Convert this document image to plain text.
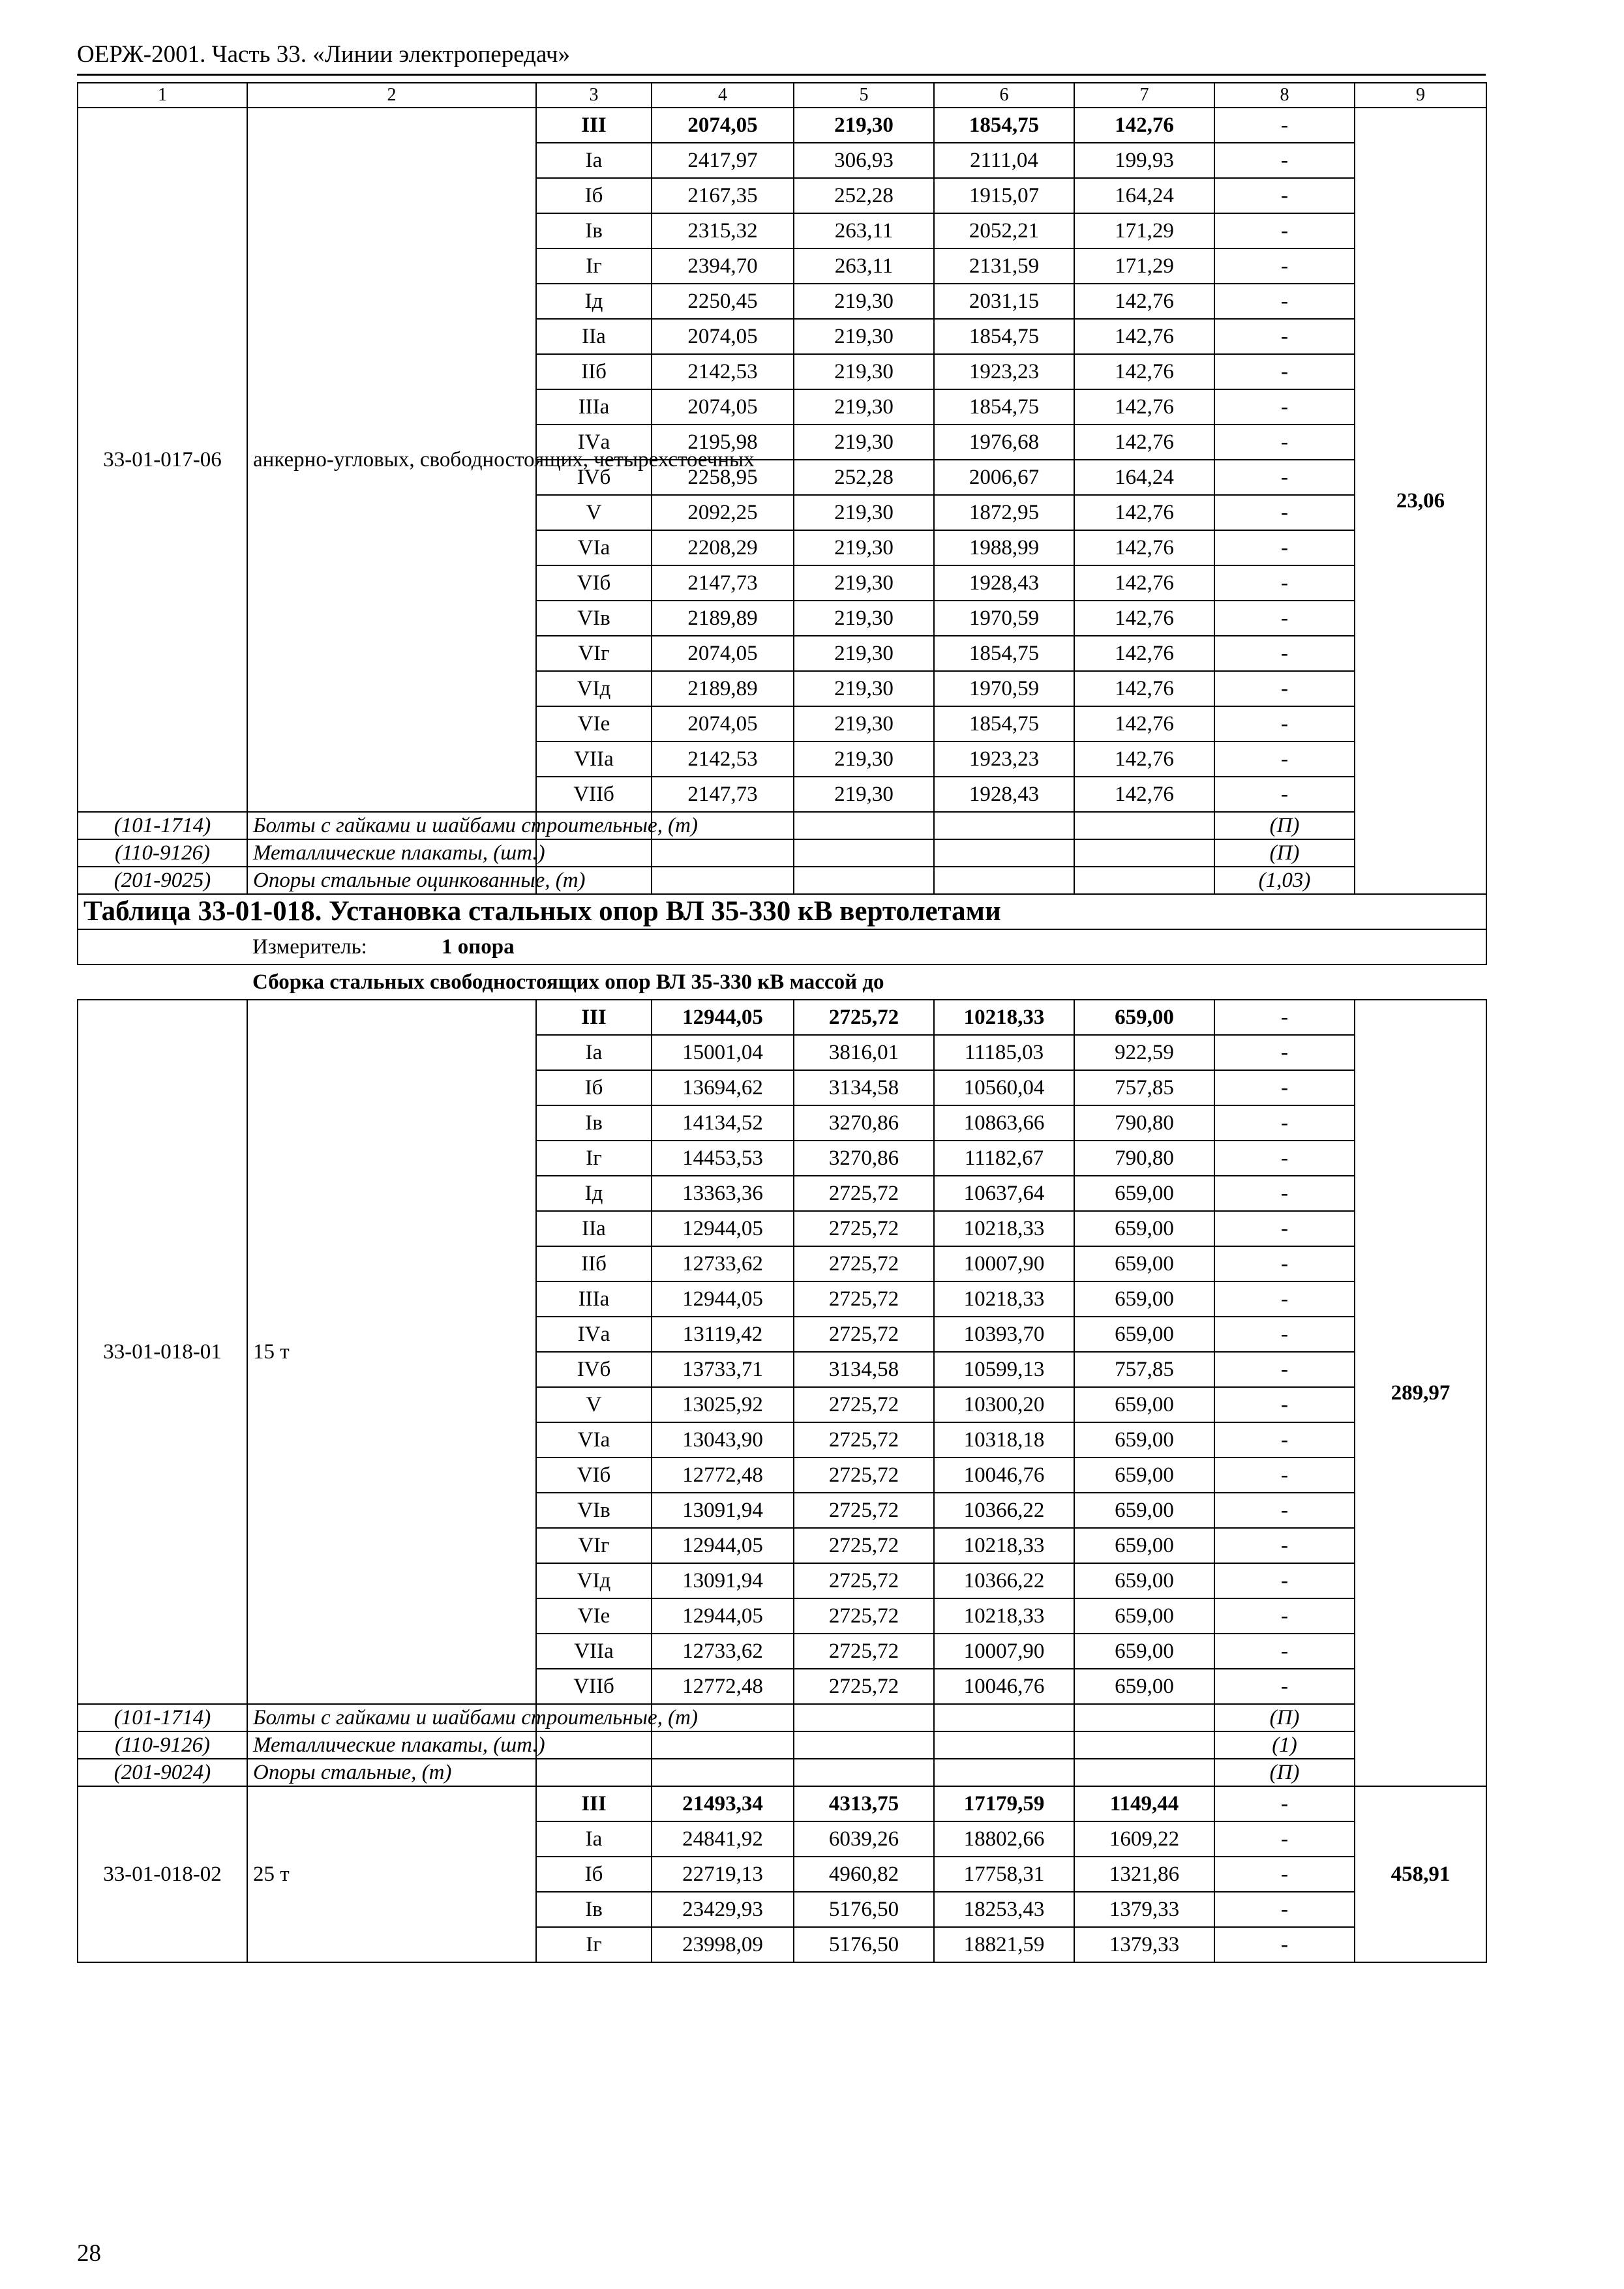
ОЕРЖ-2001. Часть 33. «Линии электропередач»
1	2	3	4	5	6	7	8	9
33-01-017-06	анкерно-угловых, свободностоящих, четырехстоечных	III	2074,05	219,30	1854,75	142,76	-	23,06
		Iа	2417,97	306,93	2111,04	199,93	-	
		Iб	2167,35	252,28	1915,07	164,24	-	
		Iв	2315,32	263,11	2052,21	171,29	-	
		Iг	2394,70	263,11	2131,59	171,29	-	
		Iд	2250,45	219,30	2031,15	142,76	-	
		IIа	2074,05	219,30	1854,75	142,76	-	
		IIб	2142,53	219,30	1923,23	142,76	-	
		IIIа	2074,05	219,30	1854,75	142,76	-	
		IVа	2195,98	219,30	1976,68	142,76	-	
		IVб	2258,95	252,28	2006,67	164,24	-	
		V	2092,25	219,30	1872,95	142,76	-	
		VIа	2208,29	219,30	1988,99	142,76	-	
		VIб	2147,73	219,30	1928,43	142,76	-	
		VIв	2189,89	219,30	1970,59	142,76	-	
		VIг	2074,05	219,30	1854,75	142,76	-	
		VIд	2189,89	219,30	1970,59	142,76	-	
		VIе	2074,05	219,30	1854,75	142,76	-	
		VIIа	2142,53	219,30	1923,23	142,76	-	
		VIIб	2147,73	219,30	1928,43	142,76	-	
(101-1714)	Болты с гайками и шайбами строительные, (т)						(П)	
(110-9126)	Металлические плакаты, (шт.)						(П)	
(201-9025)	Опоры стальные оцинкованные, (т)						(1,03)	
Таблица 33-01-018. Установка стальных опор ВЛ 35-330 кВ вертолетами								
	Измеритель: 1 опора							
	Сборка стальных свободностоящих опор ВЛ 35-330 кВ массой до							
33-01-018-01	15 т	III	12944,05	2725,72	10218,33	659,00	-	289,97
		Iа	15001,04	3816,01	11185,03	922,59	-	
		Iб	13694,62	3134,58	10560,04	757,85	-	
		Iв	14134,52	3270,86	10863,66	790,80	-	
		Iг	14453,53	3270,86	11182,67	790,80	-	
		Iд	13363,36	2725,72	10637,64	659,00	-	
		IIа	12944,05	2725,72	10218,33	659,00	-	
		IIб	12733,62	2725,72	10007,90	659,00	-	
		IIIа	12944,05	2725,72	10218,33	659,00	-	
		IVа	13119,42	2725,72	10393,70	659,00	-	
		IVб	13733,71	3134,58	10599,13	757,85	-	
		V	13025,92	2725,72	10300,20	659,00	-	
		VIа	13043,90	2725,72	10318,18	659,00	-	
		VIб	12772,48	2725,72	10046,76	659,00	-	
		VIв	13091,94	2725,72	10366,22	659,00	-	
		VIг	12944,05	2725,72	10218,33	659,00	-	
		VIд	13091,94	2725,72	10366,22	659,00	-	
		VIе	12944,05	2725,72	10218,33	659,00	-	
		VIIа	12733,62	2725,72	10007,90	659,00	-	
		VIIб	12772,48	2725,72	10046,76	659,00	-	
(101-1714)	Болты с гайками и шайбами строительные, (т)						(П)	
(110-9126)	Металлические плакаты, (шт.)						(1)	
(201-9024)	Опоры стальные, (т)						(П)	
33-01-018-02	25 т	III	21493,34	4313,75	17179,59	1149,44	-	458,91
		Iа	24841,92	6039,26	18802,66	1609,22	-	
		Iб	22719,13	4960,82	17758,31	1321,86	-	
		Iв	23429,93	5176,50	18253,43	1379,33	-	
		Iг	23998,09	5176,50	18821,59	1379,33	-	
28
